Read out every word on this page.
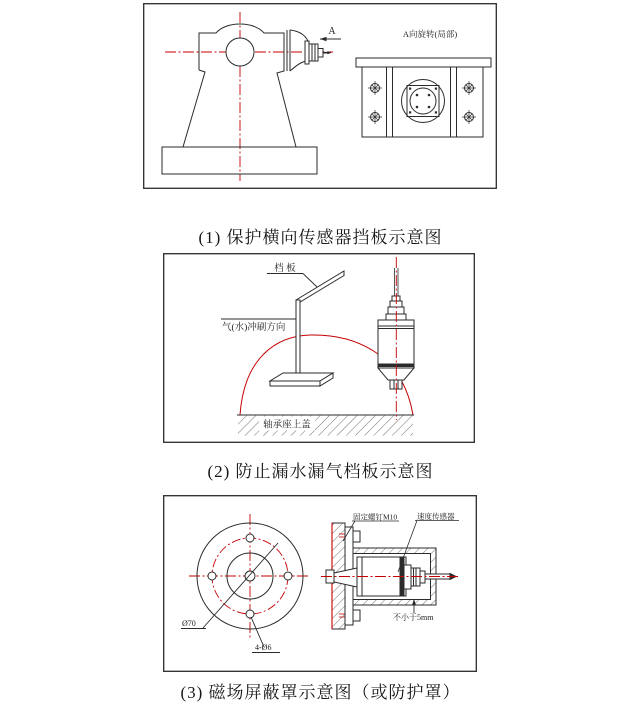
A	A向旋转(局部)
(1) 保护横向传感器挡板示意图
轴承座上盖
档 板
气(水)冲刷方向
(2) 防止漏水漏气档板示意图
Ø70
4-Ø6
不小于5mm
固定螺钉M10	速度传感器
(3) 磁场屏蔽罩示意图（或防护罩）
